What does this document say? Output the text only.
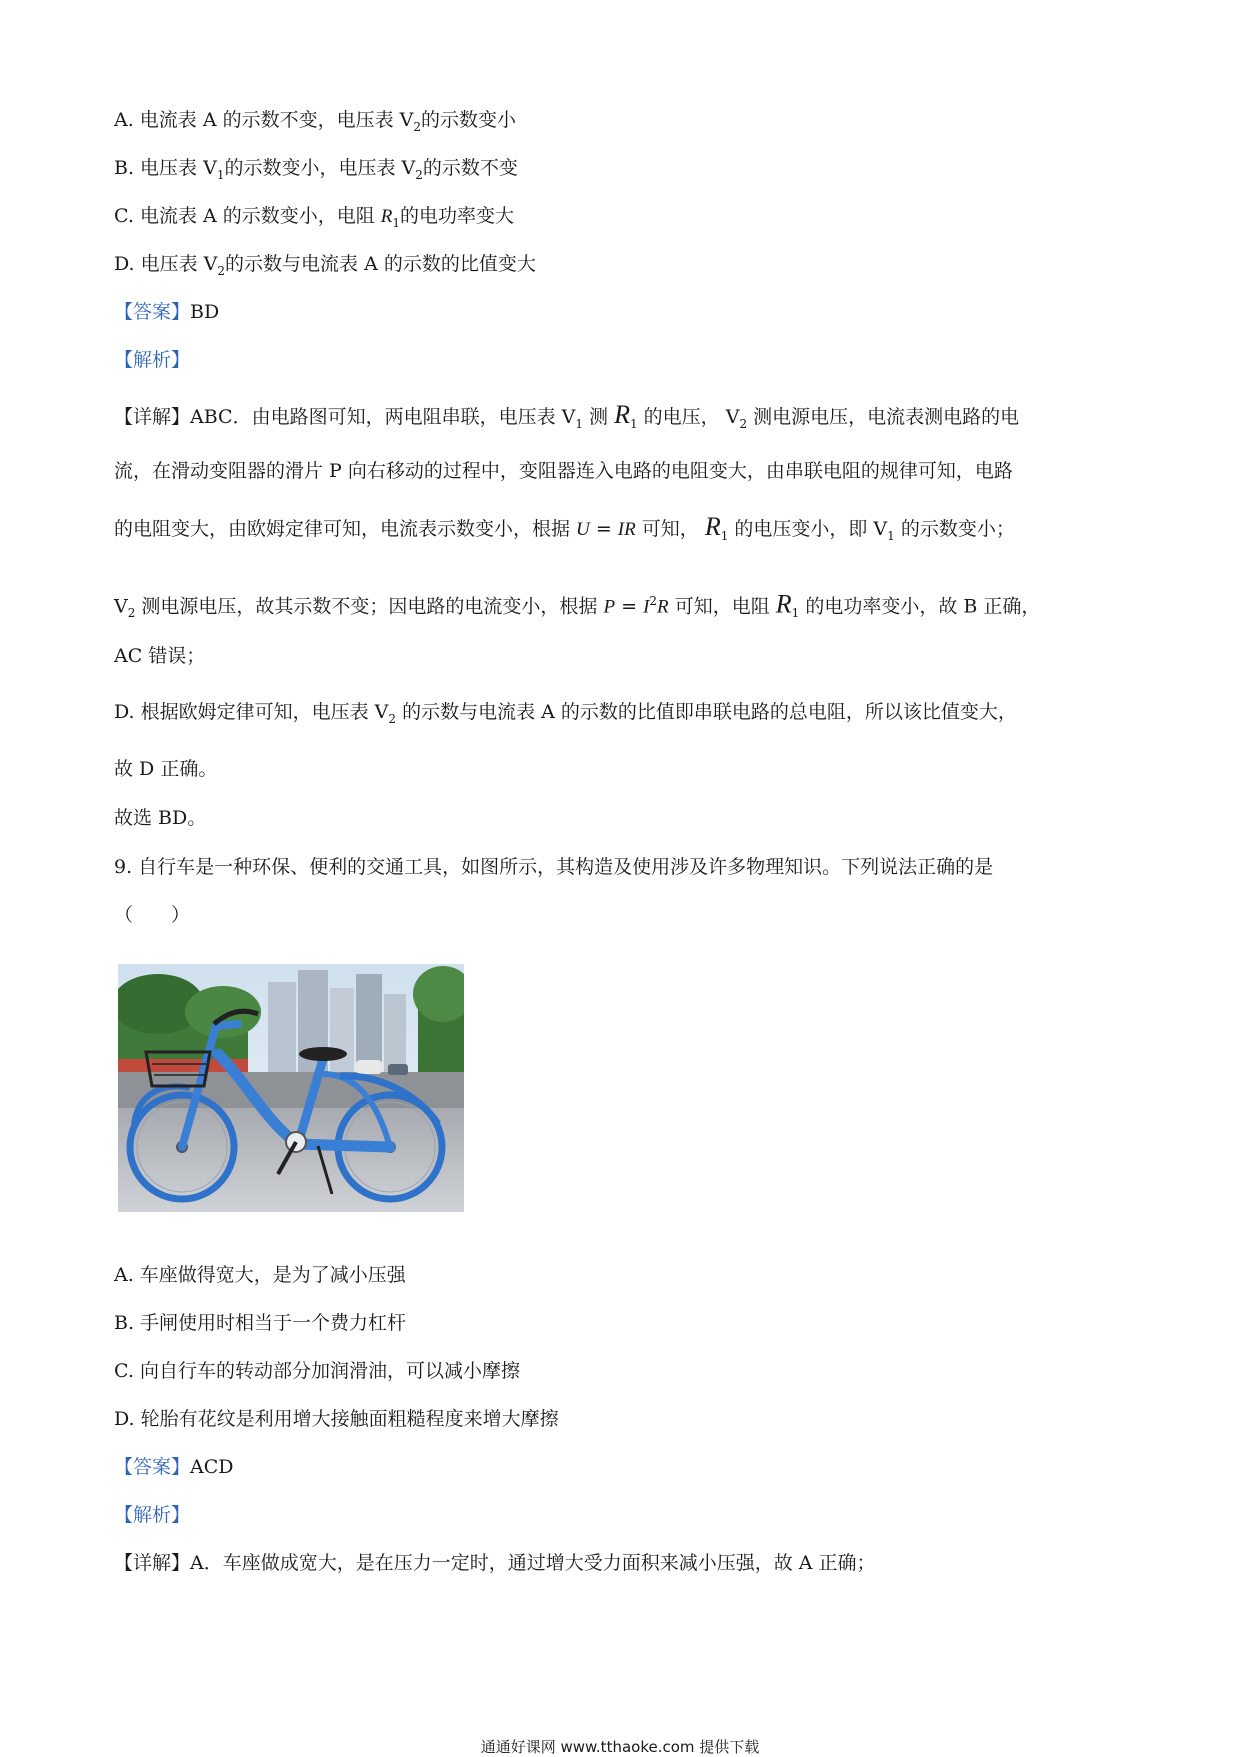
A. 电流表 A 的示数不变，电压表 $V_2$的示数变小
B. 电压表 $V_1$的示数变小，电压表 $V_2$的示数不变
C. 电流表 A 的示数变小，电阻 $R_1$的电功率变大
D. 电压表 $V_2$的示数与电流表 A 的示数的比值变大
【答案】BD
【解析】
【详解】ABC．由电路图可知，两电阻串联，电压表 $V_1$ 测 $R_1$ 的电压， $V_2$ 测电源电压，电流表测电路的电
流，在滑动变阻器的滑片 P 向右移动的过程中，变阻器连入电路的电阻变大，由串联电阻的规律可知，电路
的电阻变大，由欧姆定律可知，电流表示数变小，根据 U = IR 可知， $R_1$ 的电压变小，即 $V_1$ 的示数变小；
$V_2$ 测电源电压，故其示数不变；因电路的电流变小，根据 $P = I^2R$ 可知，电阻 $R_1$ 的电功率变小，故 B 正确，
AC 错误；
D. 根据欧姆定律可知，电压表 $V_2$ 的示数与电流表 A 的示数的比值即串联电路的总电阻，所以该比值变大，
故 D 正确。
故选 BD。
9. 自行车是一种环保、便利的交通工具，如图所示，其构造及使用涉及许多物理知识。下列说法正确的是
（　　）
A. 车座做得宽大，是为了减小压强
B. 手闸使用时相当于一个费力杠杆
C. 向自行车的转动部分加润滑油，可以减小摩擦
D. 轮胎有花纹是利用增大接触面粗糙程度来增大摩擦
【答案】ACD
【解析】
【详解】A．车座做成宽大，是在压力一定时，通过增大受力面积来减小压强，故 A 正确；
通通好课网 www.tthaoke.com 提供下载
